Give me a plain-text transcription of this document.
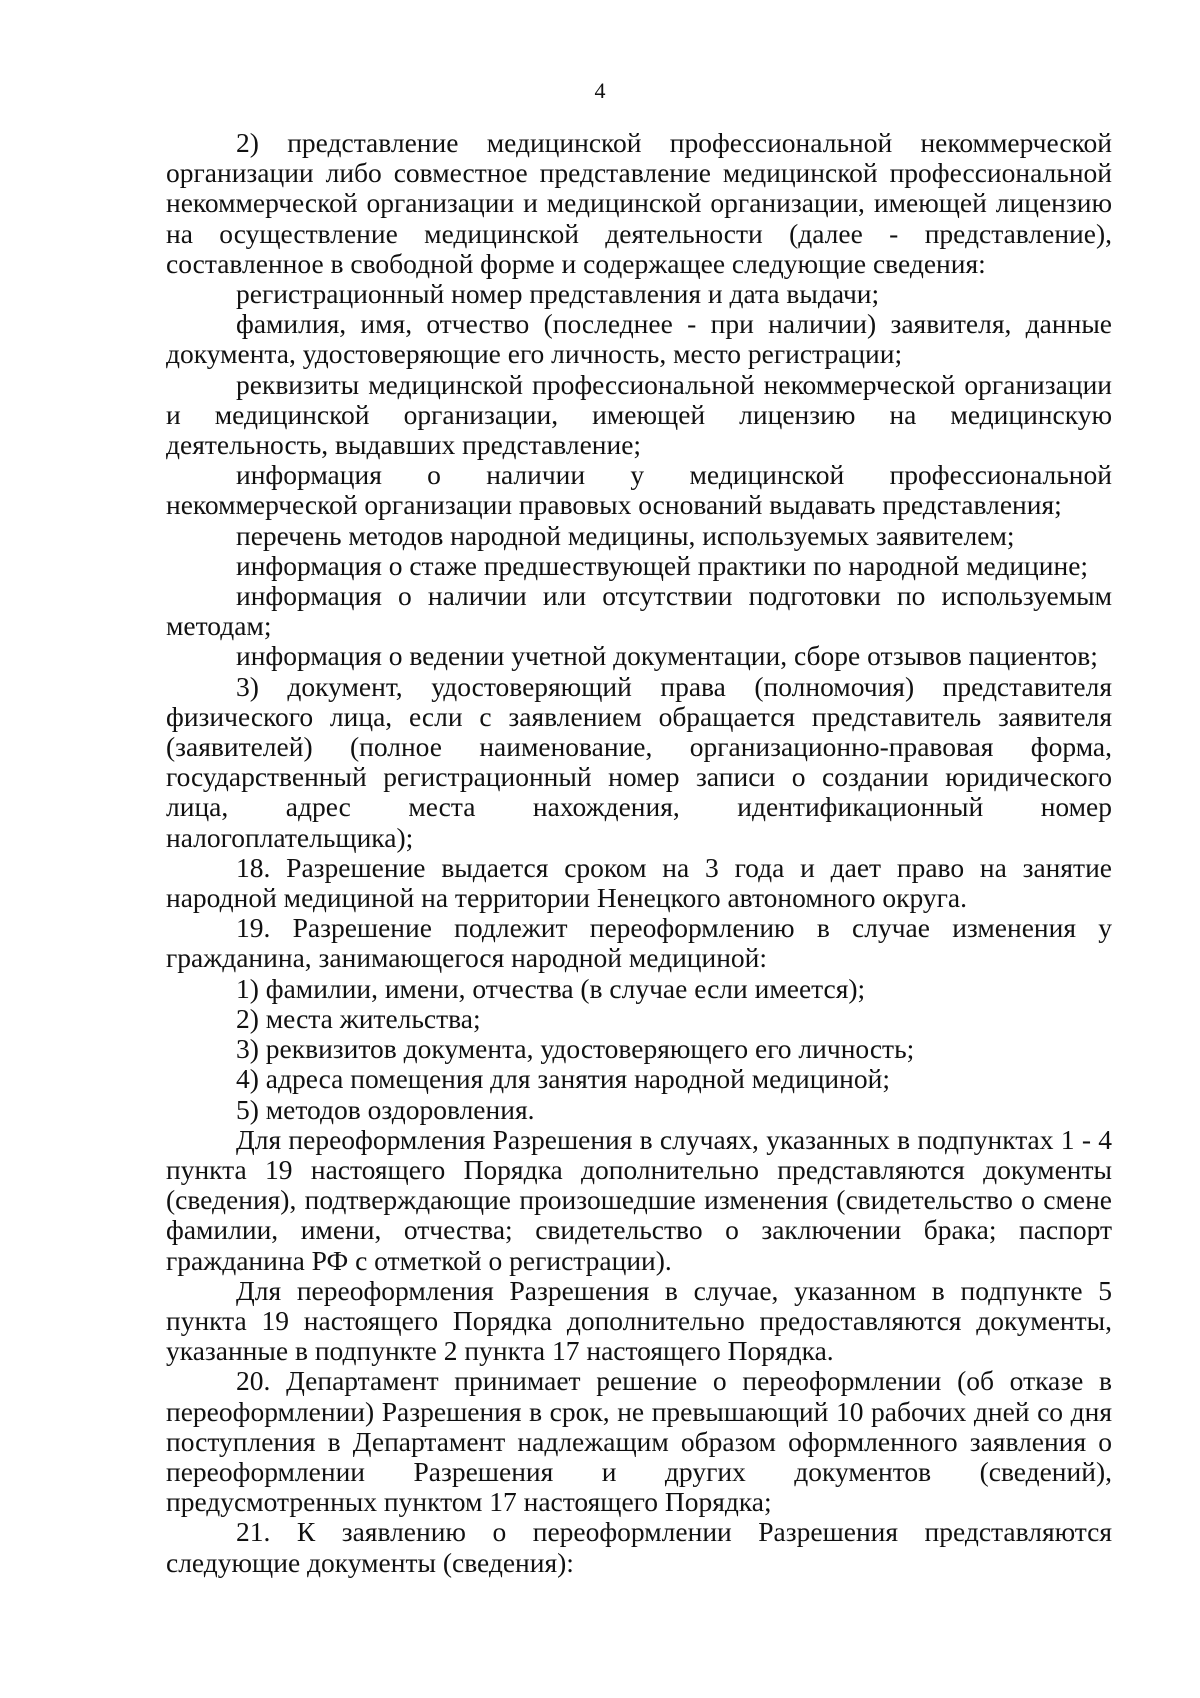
4

2) представление медицинской профессиональной некоммерческой организации либо совместное представление медицинской профессиональной некоммерческой организации и медицинской организации, имеющей лицензию на осуществление медицинской деятельности (далее - представление), составленное в свободной форме и содержащее следующие сведения:

регистрационный номер представления и дата выдачи;

фамилия, имя, отчество (последнее - при наличии) заявителя, данные документа, удостоверяющие его личность, место регистрации;

реквизиты медицинской профессиональной некоммерческой организации и медицинской организации, имеющей лицензию на медицинскую деятельность, выдавших представление;

информация о наличии у медицинской профессиональной некоммерческой организации правовых оснований выдавать представления;

перечень методов народной медицины, используемых заявителем;

информация о стаже предшествующей практики по народной медицине;

информация о наличии или отсутствии подготовки по используемым методам;

информация о ведении учетной документации, сборе отзывов пациентов;

3) документ, удостоверяющий права (полномочия) представителя физического лица, если с заявлением обращается представитель заявителя (заявителей) (полное наименование, организационно-правовая форма, государственный регистрационный номер записи о создании юридического лица, адрес места нахождения, идентификационный номер налогоплательщика);

18. Разрешение выдается сроком на 3 года и дает право на занятие народной медициной на территории Ненецкого автономного округа.

19. Разрешение подлежит переоформлению в случае изменения у гражданина, занимающегося народной медициной:

1) фамилии, имени, отчества (в случае если имеется);

2) места жительства;

3) реквизитов документа, удостоверяющего его личность;

4) адреса помещения для занятия народной медициной;

5) методов оздоровления.

Для переоформления Разрешения в случаях, указанных в подпунктах 1 - 4 пункта 19 настоящего Порядка дополнительно представляются документы (сведения), подтверждающие произошедшие изменения (свидетельство о смене фамилии, имени, отчества; свидетельство о заключении брака; паспорт гражданина РФ с отметкой о регистрации).

Для переоформления Разрешения в случае, указанном в подпункте 5 пункта 19 настоящего Порядка дополнительно предоставляются документы, указанные в подпункте 2 пункта 17 настоящего Порядка.

20. Департамент принимает решение о переоформлении (об отказе в переоформлении) Разрешения в срок, не превышающий 10 рабочих дней со дня поступления в Департамент надлежащим образом оформленного заявления о переоформлении Разрешения и других документов (сведений), предусмотренных пунктом 17 настоящего Порядка;

21. К заявлению о переоформлении Разрешения представляются следующие документы (сведения):
